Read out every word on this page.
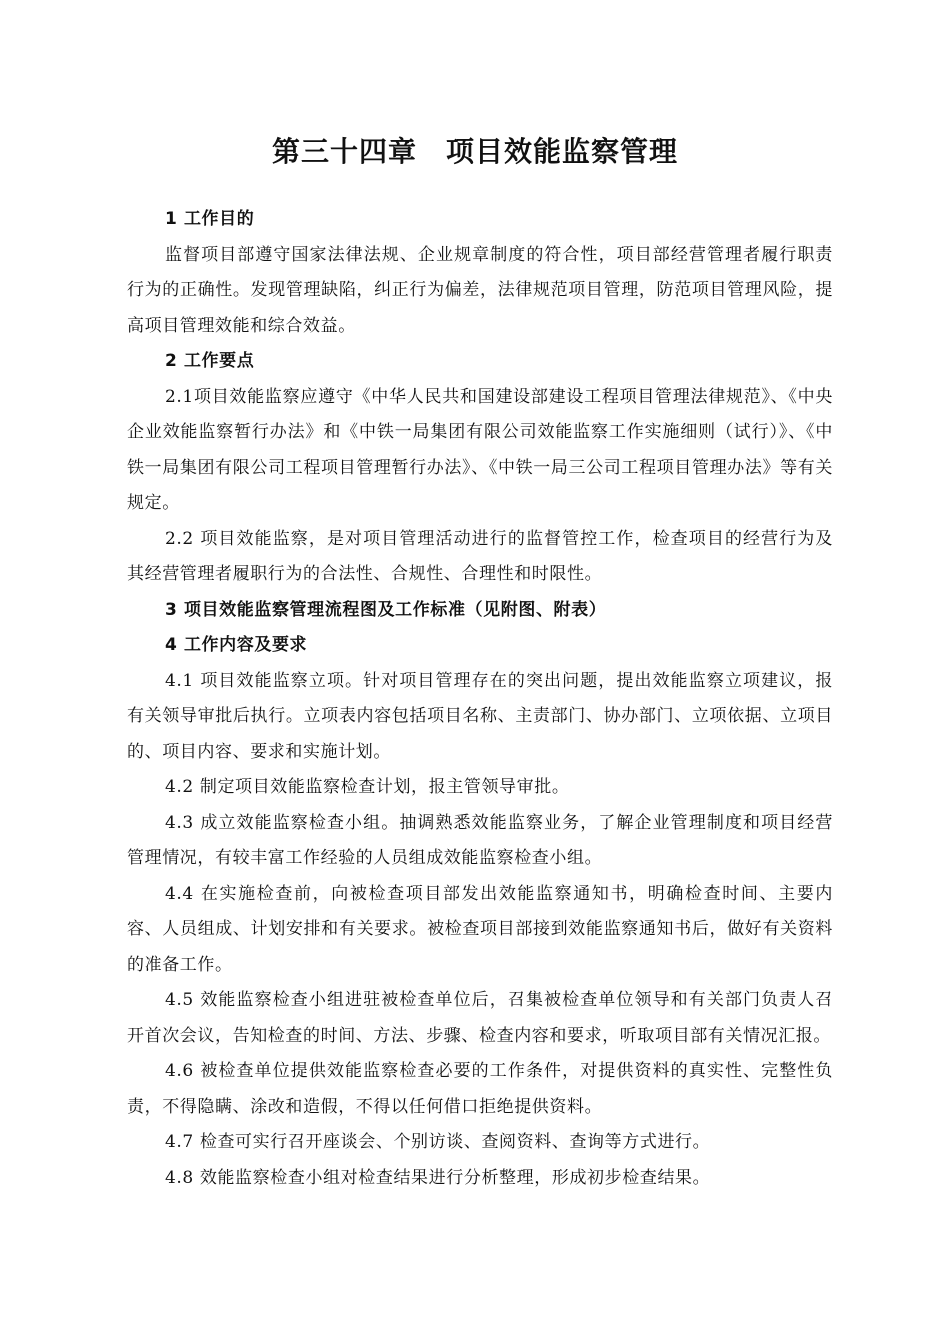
第三十四章　项目效能监察管理
1 工作目的

监督项目部遵守国家法律法规、企业规章制度的符合性，项目部经营管理者履行职责行为的正确性。发现管理缺陷，纠正行为偏差，法律规范项目管理，防范项目管理风险，提高项目管理效能和综合效益。

2 工作要点

2.1项目效能监察应遵守《中华人民共和国建设部建设工程项目管理法律规范》、《中央企业效能监察暂行办法》和《中铁一局集团有限公司效能监察工作实施细则（试行）》、《中铁一局集团有限公司工程项目管理暂行办法》、《中铁一局三公司工程项目管理办法》等有关规定。

2.2 项目效能监察，是对项目管理活动进行的监督管控工作，检查项目的经营行为及其经营管理者履职行为的合法性、合规性、合理性和时限性。

3 项目效能监察管理流程图及工作标准（见附图、附表）
4 工作内容及要求

4.1 项目效能监察立项。针对项目管理存在的突出问题，提出效能监察立项建议，报有关领导审批后执行。立项表内容包括项目名称、主责部门、协办部门、立项依据、立项目的、项目内容、要求和实施计划。

4.2 制定项目效能监察检查计划，报主管领导审批。

4.3 成立效能监察检查小组。抽调熟悉效能监察业务，了解企业管理制度和项目经营管理情况，有较丰富工作经验的人员组成效能监察检查小组。

4.4 在实施检查前，向被检查项目部发出效能监察通知书，明确检查时间、主要内容、人员组成、计划安排和有关要求。被检查项目部接到效能监察通知书后，做好有关资料的准备工作。

4.5 效能监察检查小组进驻被检查单位后，召集被检查单位领导和有关部门负责人召开首次会议，告知检查的时间、方法、步骤、检查内容和要求，听取项目部有关情况汇报。

4.6 被检查单位提供效能监察检查必要的工作条件，对提供资料的真实性、完整性负责，不得隐瞒、涂改和造假，不得以任何借口拒绝提供资料。

4.7 检查可实行召开座谈会、个别访谈、查阅资料、查询等方式进行。

4.8 效能监察检查小组对检查结果进行分析整理，形成初步检查结果。
